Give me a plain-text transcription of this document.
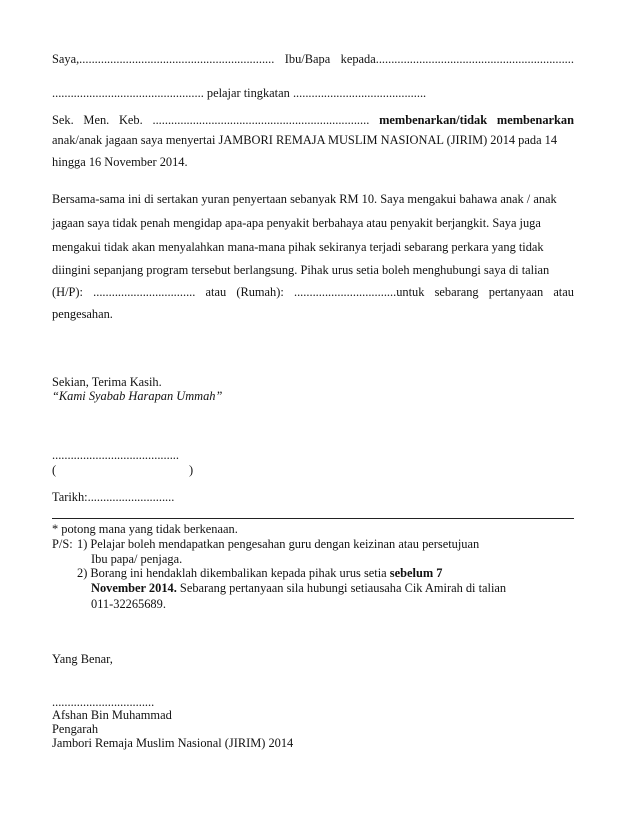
Saya,............................................................... Ibu/Bapa kepada................................................................
................................................. pelajar tingkatan ...........................................
Sek. Men. Keb. ...................................................................... membenarkan/tidak membenarkan
anak/anak jagaan saya menyertai JAMBORI REMAJA MUSLIM NASIONAL (JIRIM) 2014 pada 14
hingga 16 November 2014.
Bersama-sama ini di sertakan yuran penyertaan sebanyak RM 10. Saya mengakui bahawa anak / anak
jagaan saya tidak penah mengidap apa-apa penyakit berbahaya atau penyakit berjangkit. Saya juga
mengakui tidak akan menyalahkan mana-mana pihak sekiranya terjadi sebarang perkara yang tidak
diingini sepanjang program tersebut berlangsung. Pihak urus setia boleh menghubungi saya di talian
(H/P): ................................. atau (Rumah): .................................untuk sebarang pertanyaan atau
pengesahan.
Sekian, Terima Kasih.
“Kami Syabab Harapan Ummah”
.........................................
(	)
Tarikh:............................
* potong mana yang tidak berkenaan.
P/S: 1) Pelajar boleh mendapatkan pengesahan guru dengan keizinan atau persetujuan
Ibu papa/ penjaga.
2) Borang ini hendaklah dikembalikan kepada pihak urus setia sebelum 7
November 2014. Sebarang pertanyaan sila hubungi setiausaha Cik Amirah di talian
011-32265689.
Yang Benar,
.................................
Afshan Bin Muhammad
Pengarah
Jambori Remaja Muslim Nasional (JIRIM) 2014
